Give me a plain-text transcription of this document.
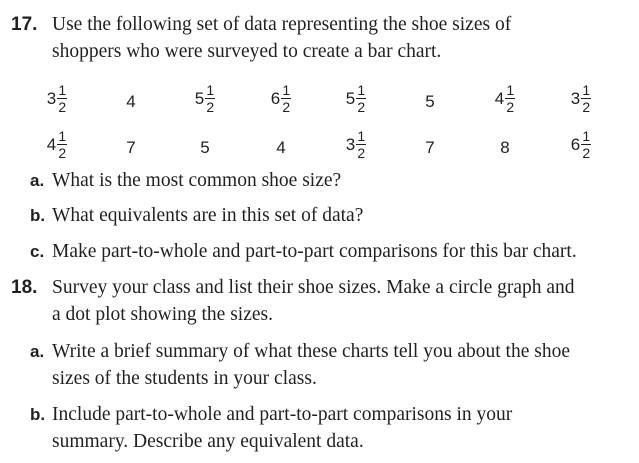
17. Use the following set of data representing the shoe sizes of
shoppers who were surveyed to create a bar chart.
$3 \frac{1}{2}$	4	$5 \frac{1}{2}$	$6 \frac{1}{2}$	$5 \frac{1}{2}$	5	$4 \frac{1}{2}$	$3 \frac{1}{2}$
$4 \frac{1}{2}$	7	5	4	$3 \frac{1}{2}$	7	8	$6 \frac{1}{2}$
a. What is the most common shoe size?
b. What equivalents are in this set of data?
c. Make part-to-whole and part-to-part comparisons for this bar chart.
18. Survey your class and list their shoe sizes. Make a circle graph and
a dot plot showing the sizes.
a. Write a brief summary of what these charts tell you about the shoe
sizes of the students in your class.
b. Include part-to-whole and part-to-part comparisons in your
summary. Describe any equivalent data.
